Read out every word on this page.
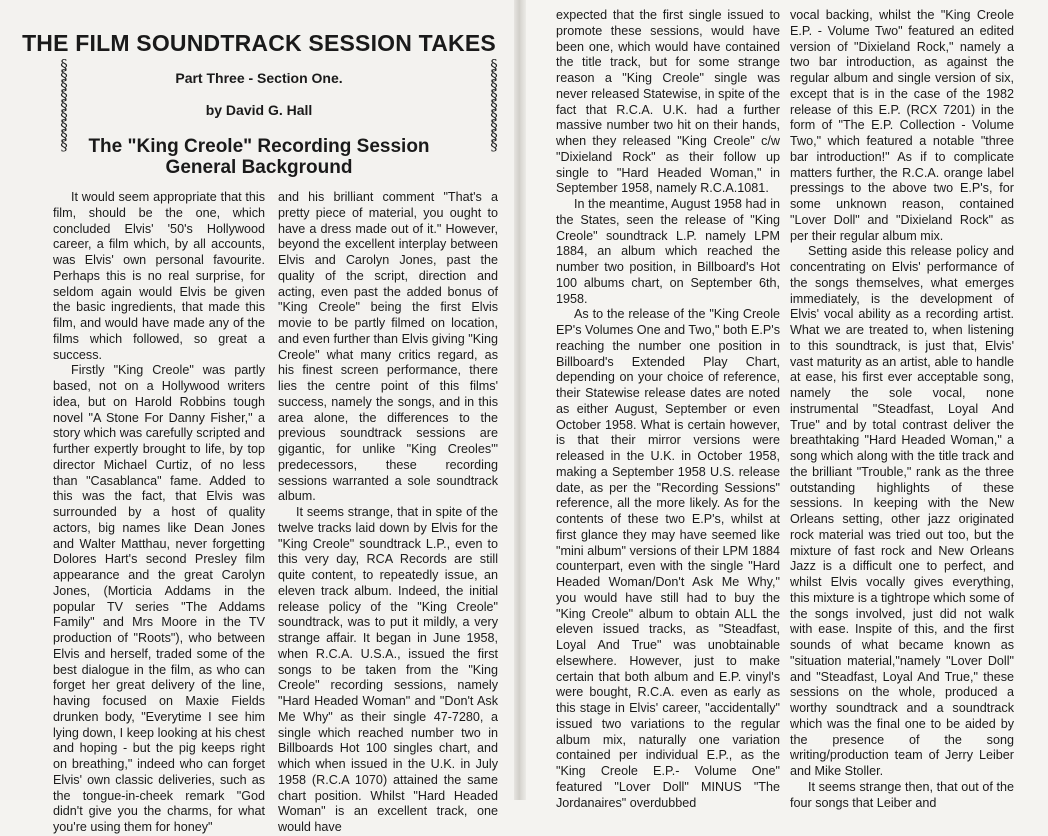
THE FILM SOUNDTRACK SESSION TAKES
§
§
§
§
§
§
§
§
§
§
§
§
§
§
§
§
§
§
Part Three - Section One.
by David G. Hall
The "King Creole" Recording Session
General Background

It would seem appropriate that this film, should be the one, which concluded Elvis' '50's Hollywood career, a film which, by all accounts, was Elvis' own personal favourite. Perhaps this is no real surprise, for seldom again would Elvis be given the basic ingredients, that made this film, and would have made any of the films which followed, so great a success.

Firstly "King Creole" was partly based, not on a Hollywood writers idea, but on Harold Robbins tough novel "A Stone For Danny Fisher," a story which was carefully scripted and further expertly brought to life, by top director Michael Curtiz, of no less than "Casablanca" fame. Added to this was the fact, that Elvis was surrounded by a host of quality actors, big names like Dean Jones and Walter Matthau, never forgetting Dolores Hart's second Presley film appearance and the great Carolyn Jones, (Morticia Addams in the popular TV series "The Addams Family" and Mrs Moore in the TV production of "Roots"), who between Elvis and herself, traded some of the best dialogue in the film, as who can forget her great delivery of the line, having focused on Maxie Fields drunken body, "Everytime I see him lying down, I keep looking at his chest and hoping - but the pig keeps right on breathing," indeed who can forget Elvis' own classic deliveries, such as the tongue-in-cheek remark "God didn't give you the charms, for what you're using them for honey"

and his brilliant comment "That's a pretty piece of material, you ought to have a dress made out of it." However, beyond the excellent interplay between Elvis and Carolyn Jones, past the quality of the script, direction and acting, even past the added bonus of "King Creole" being the first Elvis movie to be partly filmed on location, and even further than Elvis giving "King Creole" what many critics regard, as his finest screen performance, there lies the centre point of this films' success, namely the songs, and in this area alone, the differences to the previous soundtrack sessions are gigantic, for unlike "King Creoles'" predecessors, these recording sessions warranted a sole soundtrack album.

It seems strange, that in spite of the twelve tracks laid down by Elvis for the "King Creole" soundtrack L.P., even to this very day, RCA Records are still quite content, to repeatedly issue, an eleven track album. Indeed, the initial release policy of the "King Creole" soundtrack, was to put it mildly, a very strange affair. It began in June 1958, when R.C.A. U.S.A., issued the first songs to be taken from the "King Creole" recording sessions, namely "Hard Headed Woman" and "Don't Ask Me Why" as their single 47-7280, a single which reached number two in Billboards Hot 100 singles chart, and which when issued in the U.K. in July 1958 (R.C.A 1070) attained the same chart position. Whilst "Hard Headed Woman" is an excellent track, one would have

expected that the first single issued to promote these sessions, would have been one, which would have contained the title track, but for some strange reason a "King Creole" single was never released Statewise, in spite of the fact that R.C.A. U.K. had a further massive number two hit on their hands, when they released "King Creole" c/w "Dixieland Rock" as their follow up single to "Hard Headed Woman," in September 1958, namely R.C.A.1081.

In the meantime, August 1958 had in the States, seen the release of "King Creole" soundtrack L.P. namely LPM 1884, an album which reached the number two position, in Billboard's Hot 100 albums chart, on September 6th, 1958.

As to the release of the "King Creole EP's Volumes One and Two," both E.P's reaching the number one position in Billboard's Extended Play Chart, depending on your choice of reference, their Statewise release dates are noted as either August, September or even October 1958. What is certain however, is that their mirror versions were released in the U.K. in October 1958, making a September 1958 U.S. release date, as per the "Recording Sessions" reference, all the more likely. As for the contents of these two E.P's, whilst at first glance they may have seemed like "mini album" versions of their LPM 1884 counterpart, even with the single "Hard Headed Woman/Don't Ask Me Why," you would have still had to buy the "King Creole" album to obtain ALL the eleven issued tracks, as "Steadfast, Loyal And True" was unobtainable elsewhere. However, just to make certain that both album and E.P. vinyl's were bought, R.C.A. even as early as this stage in Elvis' career, "accidentally" issued two variations to the regular album mix, naturally one variation contained per individual E.P., as the "King Creole E.P.- Volume One" featured "Lover Doll" MINUS "The Jordanaires" overdubbed

vocal backing, whilst the "King Creole E.P. - Volume Two" featured an edited version of "Dixieland Rock," namely a two bar introduction, as against the regular album and single version of six, except that is in the case of the 1982 release of this E.P. (RCX 7201) in the form of "The E.P. Collection - Volume Two," which featured a notable "three bar introduction!" As if to complicate matters further, the R.C.A. orange label pressings to the above two E.P's, for some unknown reason, contained "Lover Doll" and "Dixieland Rock" as per their regular album mix.

Setting aside this release policy and concentrating on Elvis' performance of the songs themselves, what emerges immediately, is the development of Elvis' vocal ability as a recording artist. What we are treated to, when listening to this soundtrack, is just that, Elvis' vast maturity as an artist, able to handle at ease, his first ever acceptable song, namely the sole vocal, none instrumental "Steadfast, Loyal And True" and by total contrast deliver the breathtaking "Hard Headed Woman," a song which along with the title track and the brilliant "Trouble," rank as the three outstanding highlights of these sessions. In keeping with the New Orleans setting, other jazz originated rock material was tried out too, but the mixture of fast rock and New Orleans Jazz is a difficult one to perfect, and whilst Elvis vocally gives everything, this mixture is a tightrope which some of the songs involved, just did not walk with ease. Inspite of this, and the first sounds of what became known as "situation material,"namely "Lover Doll" and "Steadfast, Loyal And True," these sessions on the whole, produced a worthy soundtrack and a soundtrack which was the final one to be aided by the presence of the song writing/production team of Jerry Leiber and Mike Stoller.

It seems strange then, that out of the four songs that Leiber and
